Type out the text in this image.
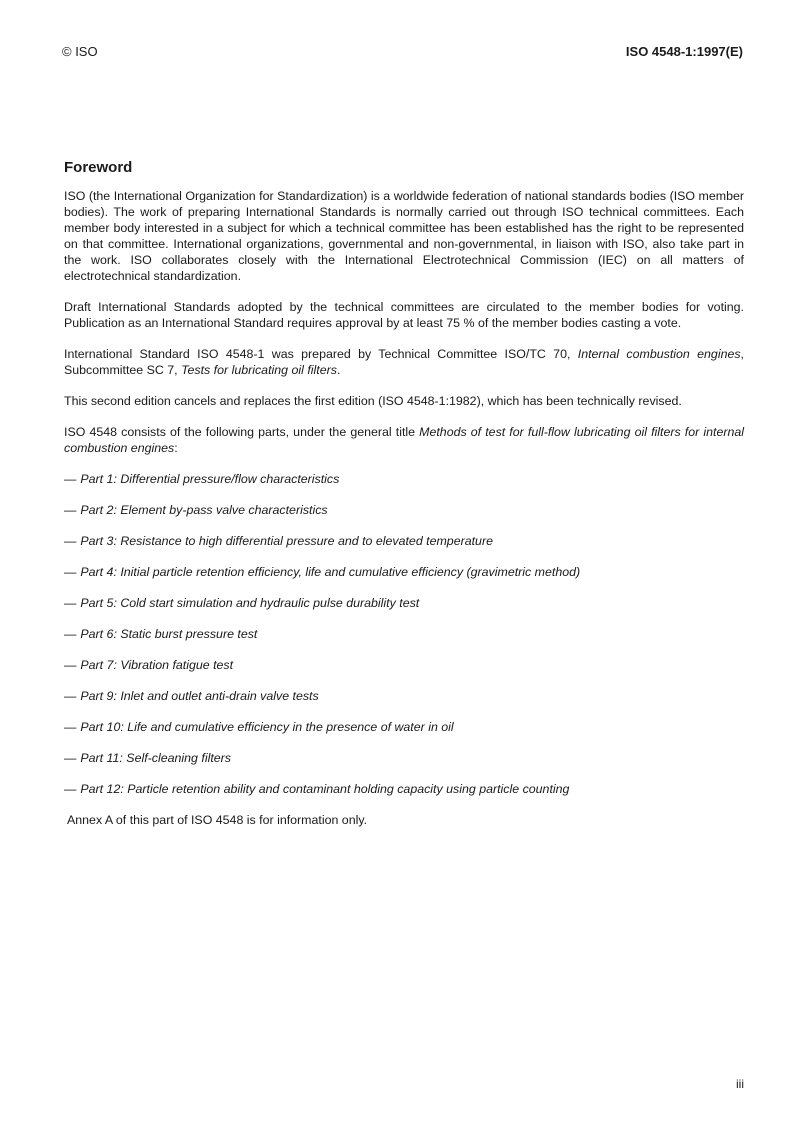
© ISO	ISO 4548-1:1997(E)
Foreword

ISO (the International Organization for Standardization) is a worldwide federation of national standards bodies (ISO member bodies). The work of preparing International Standards is normally carried out through ISO technical committees. Each member body interested in a subject for which a technical committee has been established has the right to be represented on that committee. International organizations, governmental and non-governmental, in liaison with ISO, also take part in the work. ISO collaborates closely with the International Electrotechnical Commission (IEC) on all matters of electrotechnical standardization.

Draft International Standards adopted by the technical committees are circulated to the member bodies for voting. Publication as an International Standard requires approval by at least 75 % of the member bodies casting a vote.

International Standard ISO 4548-1 was prepared by Technical Committee ISO/TC 70, Internal combustion engines, Subcommittee SC 7, Tests for lubricating oil filters.

This second edition cancels and replaces the first edition (ISO 4548-1:1982), which has been technically revised.

ISO 4548 consists of the following parts, under the general title Methods of test for full-flow lubricating oil filters for internal combustion engines:

— Part 1: Differential pressure/flow characteristics
— Part 2: Element by-pass valve characteristics
— Part 3: Resistance to high differential pressure and to elevated temperature
— Part 4: Initial particle retention efficiency, life and cumulative efficiency (gravimetric method)
— Part 5: Cold start simulation and hydraulic pulse durability test
— Part 6: Static burst pressure test
— Part 7: Vibration fatigue test
— Part 9: Inlet and outlet anti-drain valve tests
— Part 10: Life and cumulative efficiency in the presence of water in oil
— Part 11: Self-cleaning filters
— Part 12: Particle retention ability and contaminant holding capacity using particle counting

Annex A of this part of ISO 4548 is for information only.

iii
